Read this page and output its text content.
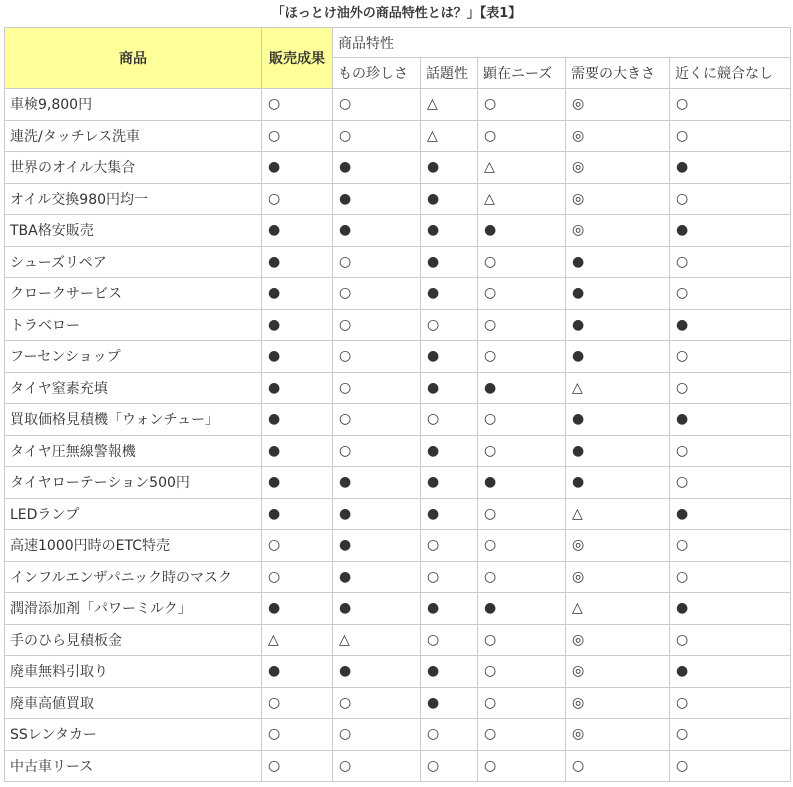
「ほっとけ油外の商品特性とは？」【表1】
商品	販売成果	商品特性				
		もの珍しさ	話題性	顕在ニーズ	需要の大きさ	近くに競合なし
車検9,800円	○	○	△	○	◎	○
連洗/タッチレス洗車	○	○	△	○	◎	○
世界のオイル大集合	●	●	●	△	◎	●
オイル交換980円均一	○	●	●	△	◎	○
TBA格安販売	●	●	●	●	◎	●
シューズリペア	●	○	●	○	●	○
クロークサービス	●	○	●	○	●	○
トラベロー	●	○	○	○	●	●
フーセンショップ	●	○	●	○	●	○
タイヤ窒素充填	●	○	●	●	△	○
買取価格見積機「ウォンチュー」	●	○	○	○	●	●
タイヤ圧無線警報機	●	○	●	○	●	○
タイヤローテーション500円	●	●	●	●	●	○
LEDランプ	●	●	●	○	△	●
高速1000円時のETC特売	○	●	○	○	◎	○
インフルエンザパニック時のマスク	○	●	○	○	◎	○
潤滑添加剤「パワーミルク」	●	●	●	●	△	●
手のひら見積板金	△	△	○	○	◎	○
廃車無料引取り	●	●	●	○	◎	●
廃車高値買取	○	○	●	○	◎	○
SSレンタカー	○	○	○	○	◎	○
中古車リース	○	○	○	○	○	○
